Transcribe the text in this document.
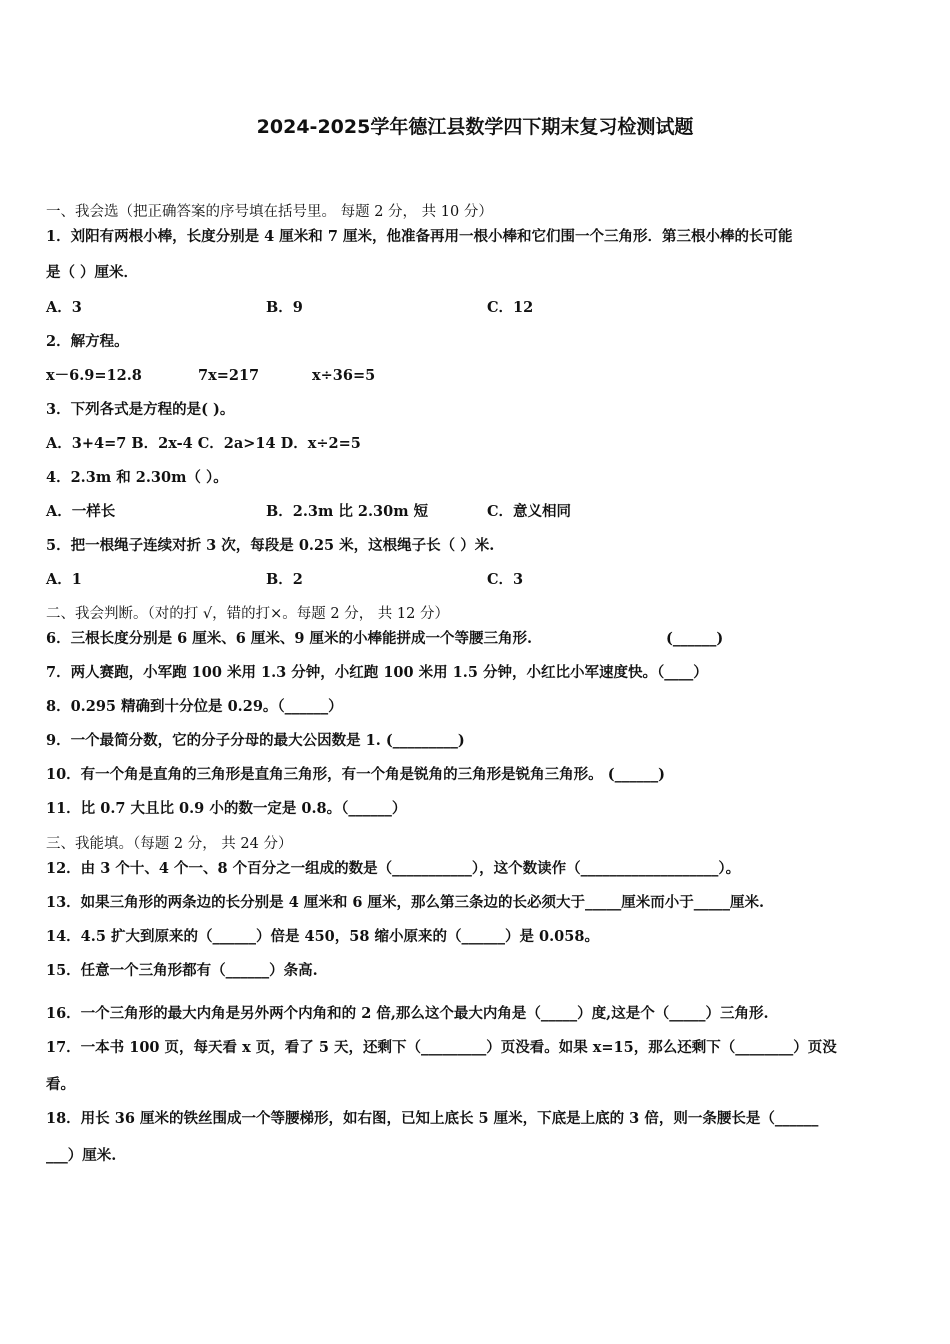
2024-2025学年德江县数学四下期末复习检测试题
一、我会选（把正确答案的序号填在括号里。 每题 2 分， 共 10 分）
1．刘阳有两根小棒，长度分别是 4 厘米和 7 厘米，他准备再用一根小棒和它们围一个三角形．第三根小棒的长可能
是（ ）厘米．
A．3	B．9	C．12
2．解方程。
x－6.9=12.8	7x=217	x÷36=5
3．下列各式是方程的是( )。
A．3+4=7 B．2x-4 C．2a>14 D．x÷2=5
4．2.3m 和 2.30m（ ）。
A．一样长	B．2.3m 比 2.30m 短	C．意义相同
5．把一根绳子连续对折 3 次，每段是 0.25 米，这根绳子长（ ）米.
A．1	B．2	C．3
二、我会判断。（对的打 √，错的打×。每题 2 分， 共 12 分）
6．三根长度分别是 6 厘米、6 厘米、9 厘米的小棒能拼成一个等腰三角形.	(______)
7．两人赛跑，小军跑 100 米用 1.3 分钟，小红跑 100 米用 1.5 分钟，小红比小军速度快。（____）
8．0.295 精确到十分位是 0.29。（______）
9．一个最简分数，它的分子分母的最大公因数是 1. (_________)
10．有一个角是直角的三角形是直角三角形，有一个角是锐角的三角形是锐角三角形。 (______)
11．比 0.7 大且比 0.9 小的数一定是 0.8。（______）
三、我能填。（每题 2 分， 共 24 分）
12．由 3 个十、4 个一、8 个百分之一组成的数是（___________），这个数读作（___________________）。
13．如果三角形的两条边的长分别是 4 厘米和 6 厘米，那么第三条边的长必须大于_____厘米而小于_____厘米.
14．4.5 扩大到原来的（______）倍是 450，58 缩小原来的（______）是 0.058。
15．任意一个三角形都有（______）条高.
16．一个三角形的最大内角是另外两个内角和的 2 倍,那么这个最大内角是（_____）度,这是个（_____）三角形.
17．一本书 100 页，每天看 x 页，看了 5 天，还剩下（_________）页没看。如果 x=15，那么还剩下（________）页没
看。
18．用长 36 厘米的铁丝围成一个等腰梯形，如右图，已知上底长 5 厘米，下底是上底的 3 倍，则一条腰长是（______
___）厘米.
